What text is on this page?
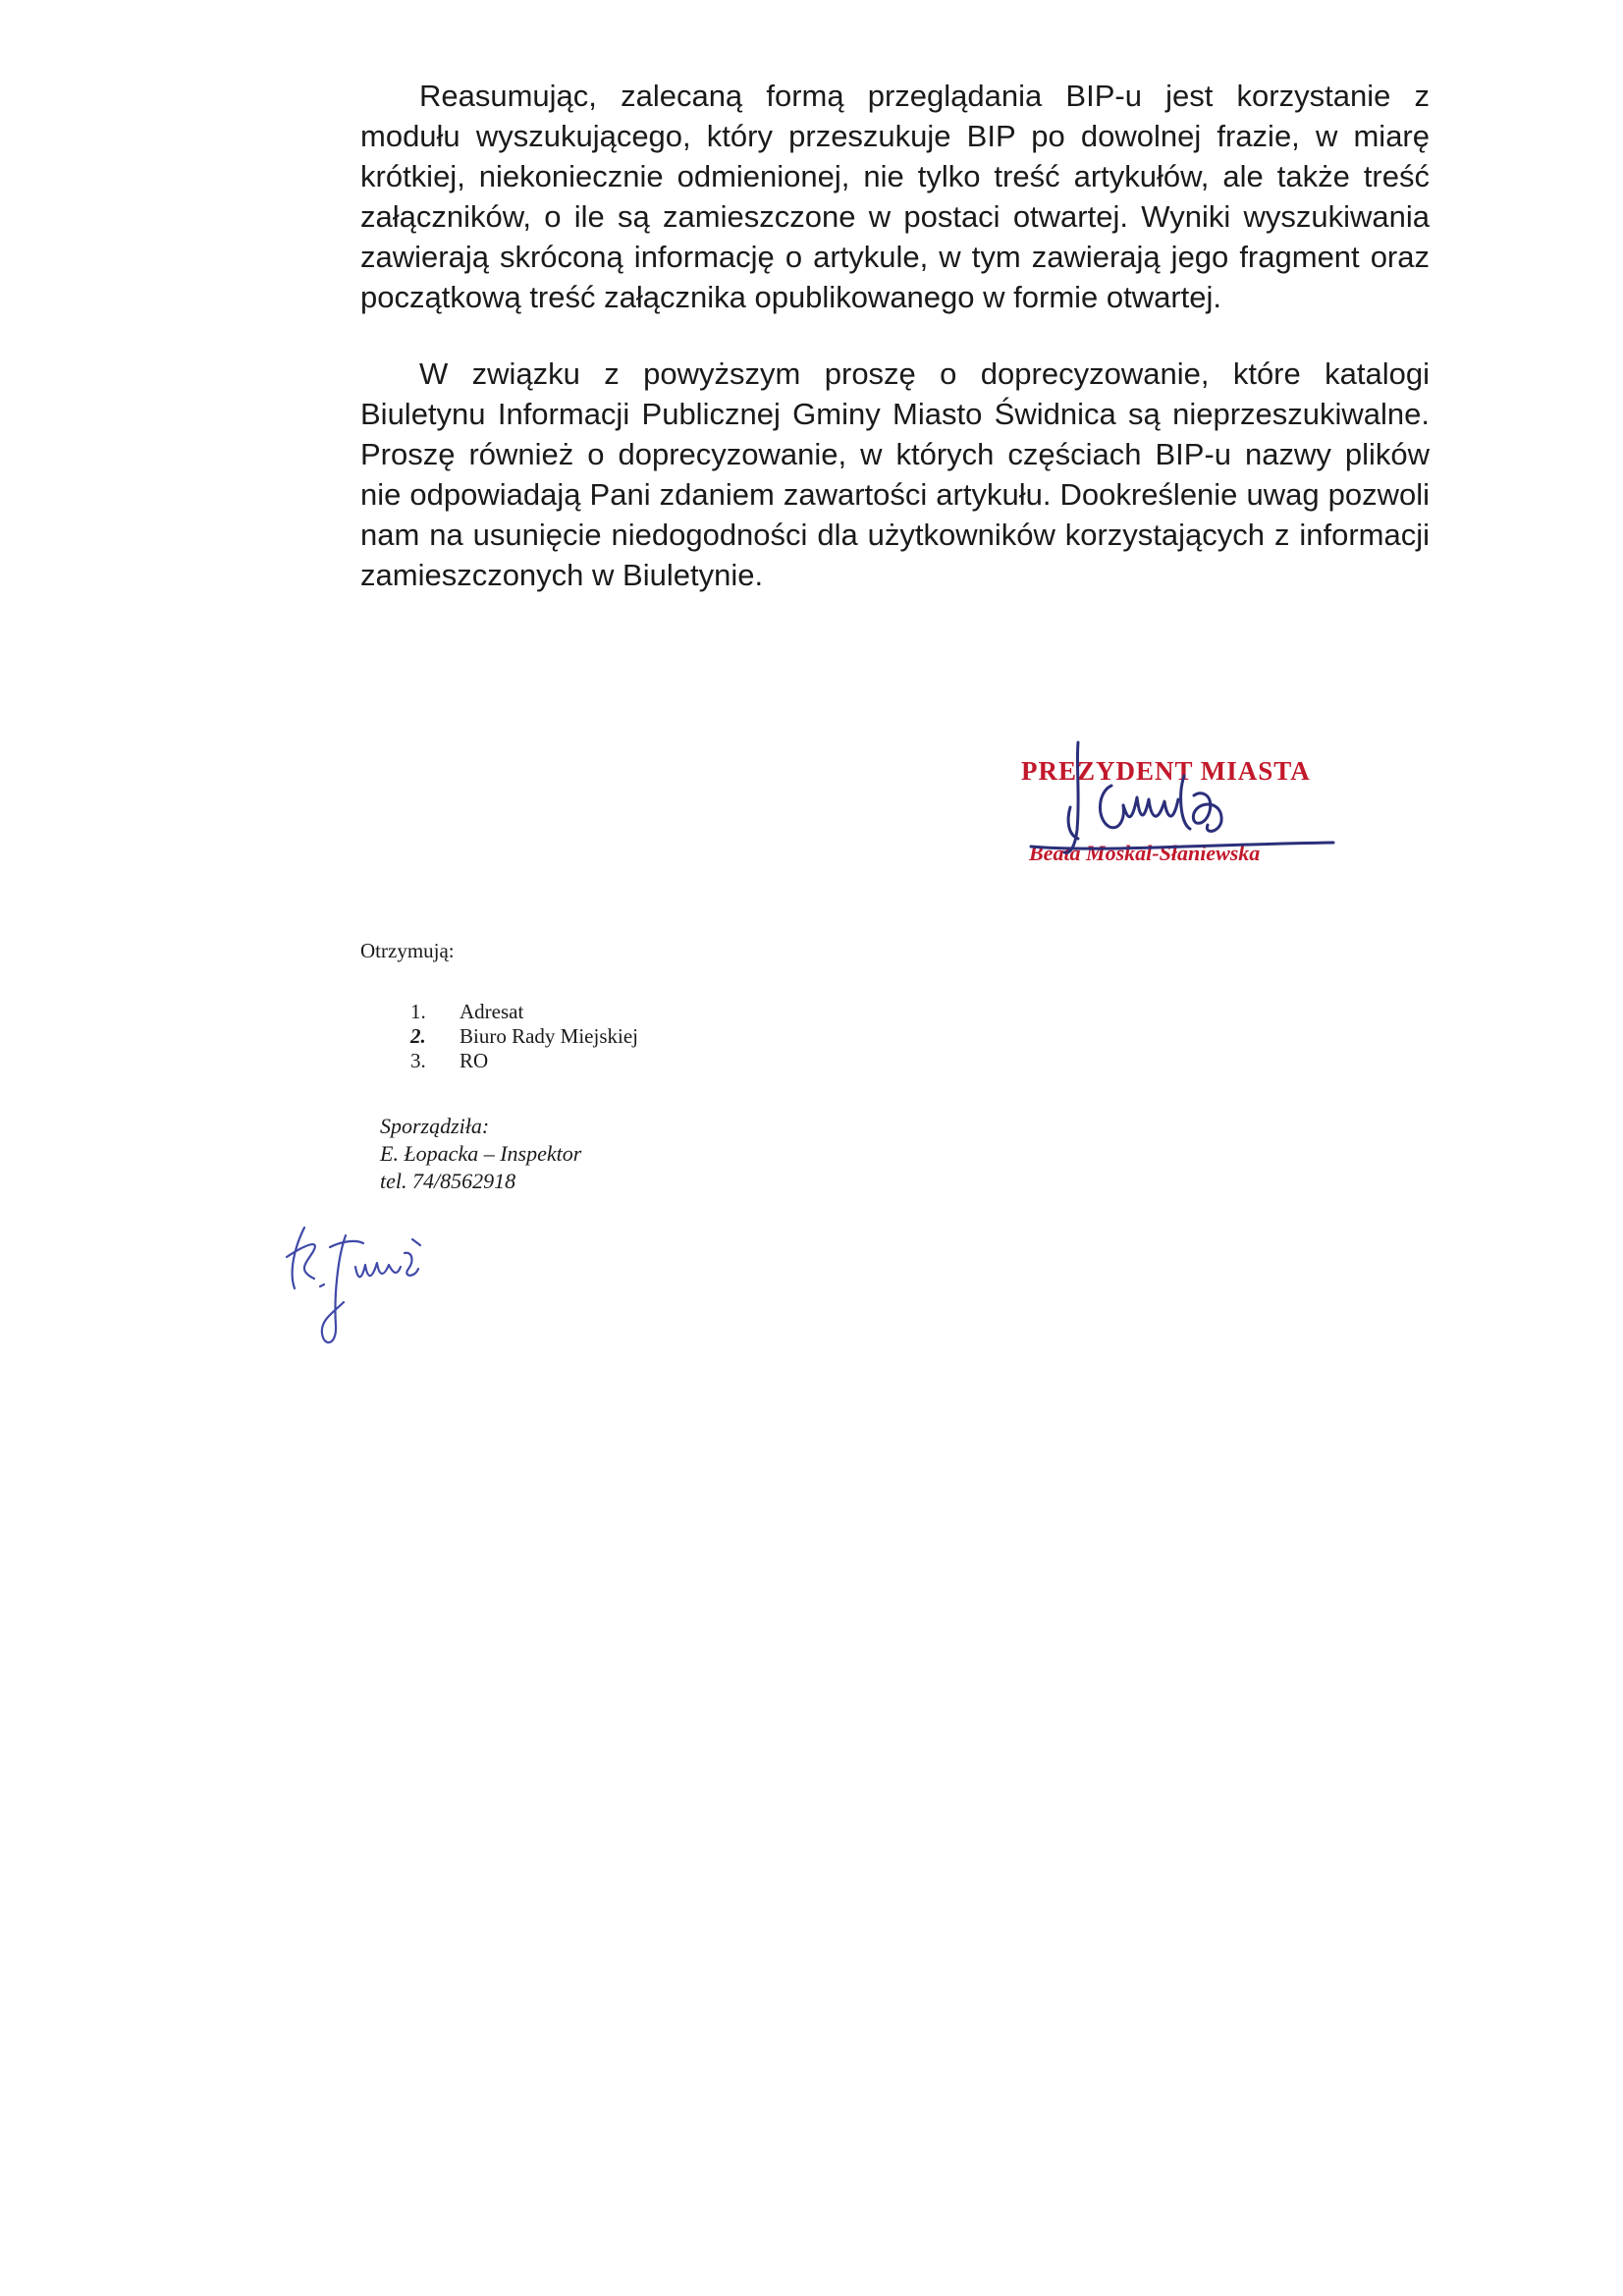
Reasumując, zalecaną formą przeglądania BIP-u jest korzystanie z modułu wyszukującego, który przeszukuje BIP po dowolnej frazie, w miarę krótkiej, niekoniecznie odmienionej, nie tylko treść artykułów, ale także treść załączników, o ile są zamieszczone w postaci otwartej. Wyniki wyszukiwania zawierają skróconą informację o artykule, w tym zawierają jego fragment oraz początkową treść załącznika opublikowanego w formie otwartej.

W związku z powyższym proszę o doprecyzowanie, które katalogi Biuletynu Informacji Publicznej Gminy Miasto Świdnica są nieprzeszukiwalne. Proszę również o doprecyzowanie, w których częściach BIP-u nazwy plików nie odpowiadają Pani zdaniem zawartości artykułu. Dookreślenie uwag pozwoli nam na usunięcie niedogodności dla użytkowników korzystających z informacji zamieszczonych w Biuletynie.

PREZYDENT MIASTA
Beata Moskal-Słaniewska
Otrzymują:
1.	Adresat
2.	Biuro Rady Miejskiej
3.	RO
Sporządziła:
E. Łopacka – Inspektor
tel. 74/8562918
